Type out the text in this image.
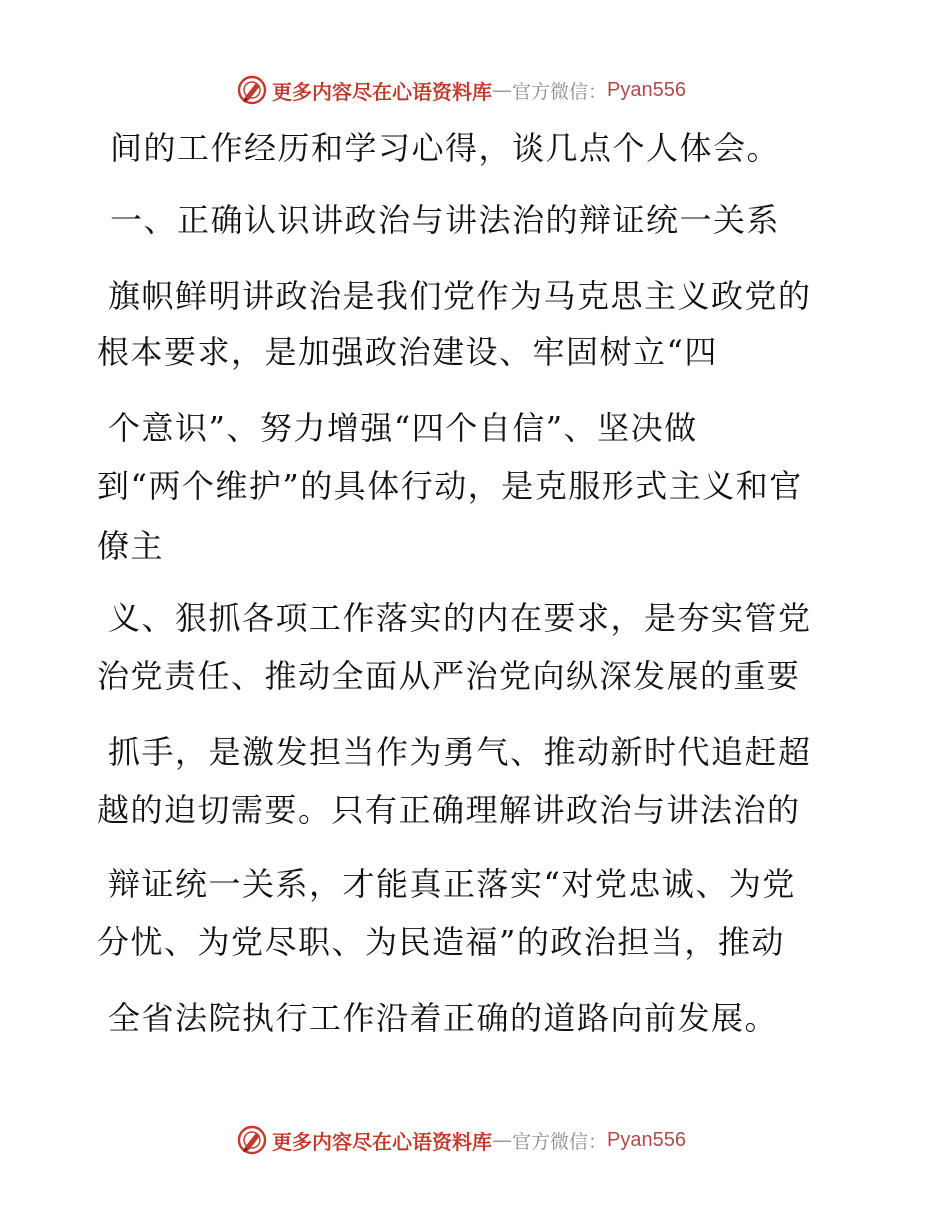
更多内容尽在心语资料库 — 官方微信： Pyan556
间的工作经历和学习心得，谈几点个人体会。
一、正确认识讲政治与讲法治的辩证统一关系
旗帜鲜明讲政治是我们党作为马克思主义政党的
根本要求，是加强政治建设、牢固树立“四
个意识”、努力增强“四个自信”、坚决做
到“两个维护”的具体行动，是克服形式主义和官
僚主
义、狠抓各项工作落实的内在要求，是夯实管党
治党责任、推动全面从严治党向纵深发展的重要
抓手，是激发担当作为勇气、推动新时代追赶超
越的迫切需要。只有正确理解讲政治与讲法治的
辩证统一关系，才能真正落实“对党忠诚、为党
分忧、为党尽职、为民造福”的政治担当，推动
全省法院执行工作沿着正确的道路向前发展。
更多内容尽在心语资料库 — 官方微信： Pyan556
